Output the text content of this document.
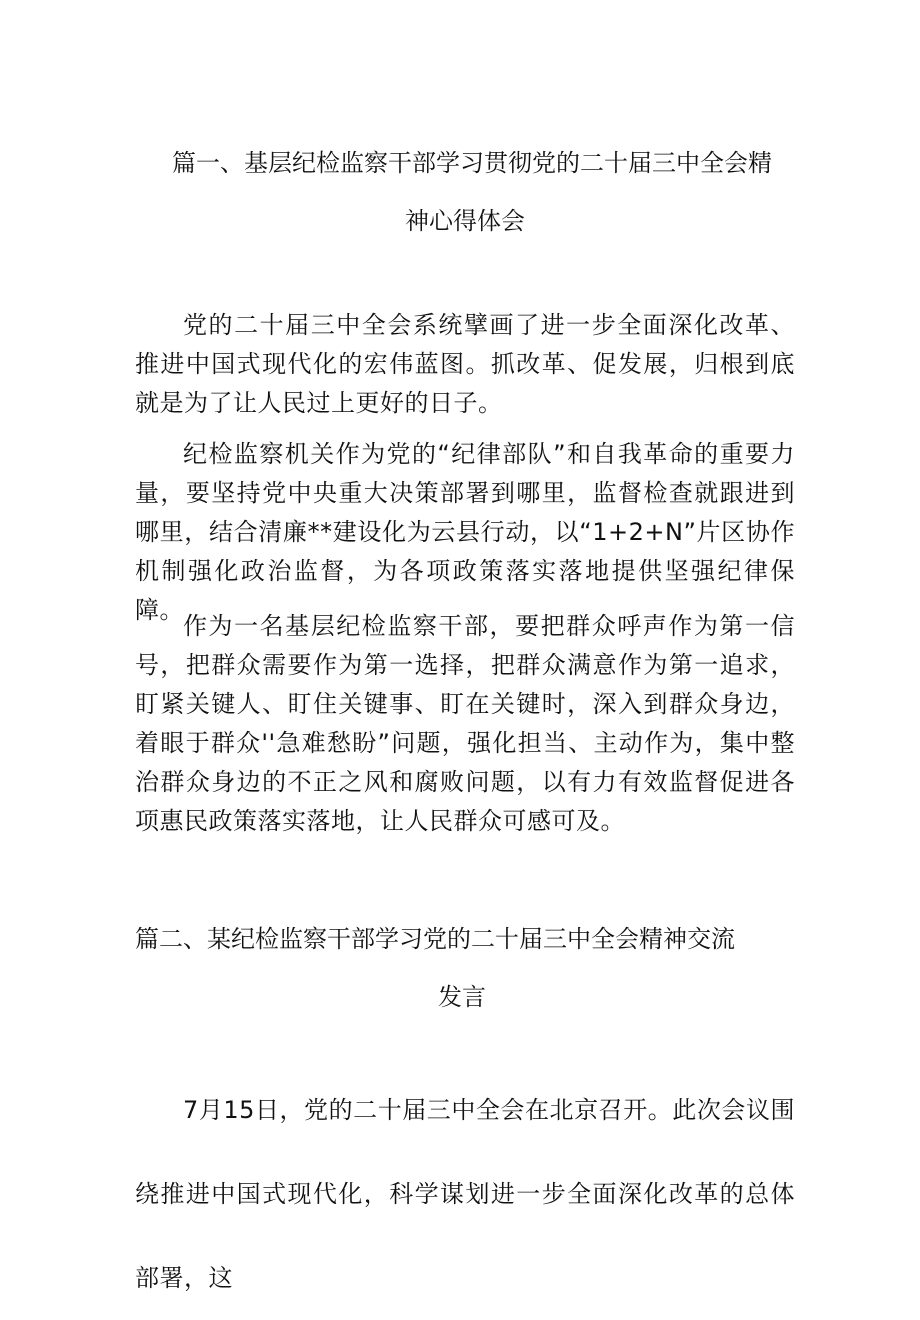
篇一、基层纪检监察干部学习贯彻党的二十届三中全会精
神心得体会
党的二十届三中全会系统擘画了进一步全面深化改革、推进中国式现代化的宏伟蓝图。抓改革、促发展，归根到底就是为了让人民过上更好的日子。
纪检监察机关作为党的“纪律部队”和自我革命的重要力量，要坚持党中央重大决策部署到哪里，监督检查就跟进到哪里，结合清廉**建设化为云县行动，以“1+2+N”片区协作机制强化政治监督，为各项政策落实落地提供坚强纪律保障。
作为一名基层纪检监察干部，要把群众呼声作为第一信号，把群众需要作为第一选择，把群众满意作为第一追求，盯紧关键人、盯住关键事、盯在关键时，深入到群众身边，着眼于群众''急难愁盼”问题，强化担当、主动作为，集中整治群众身边的不正之风和腐败问题，以有力有效监督促进各项惠民政策落实落地，让人民群众可感可及。
篇二、某纪检监察干部学习党的二十届三中全会精神交流
发言
7月15日，党的二十届三中全会在北京召开。此次会议围绕推进中国式现代化，科学谋划进一步全面深化改革的总体部署，这
